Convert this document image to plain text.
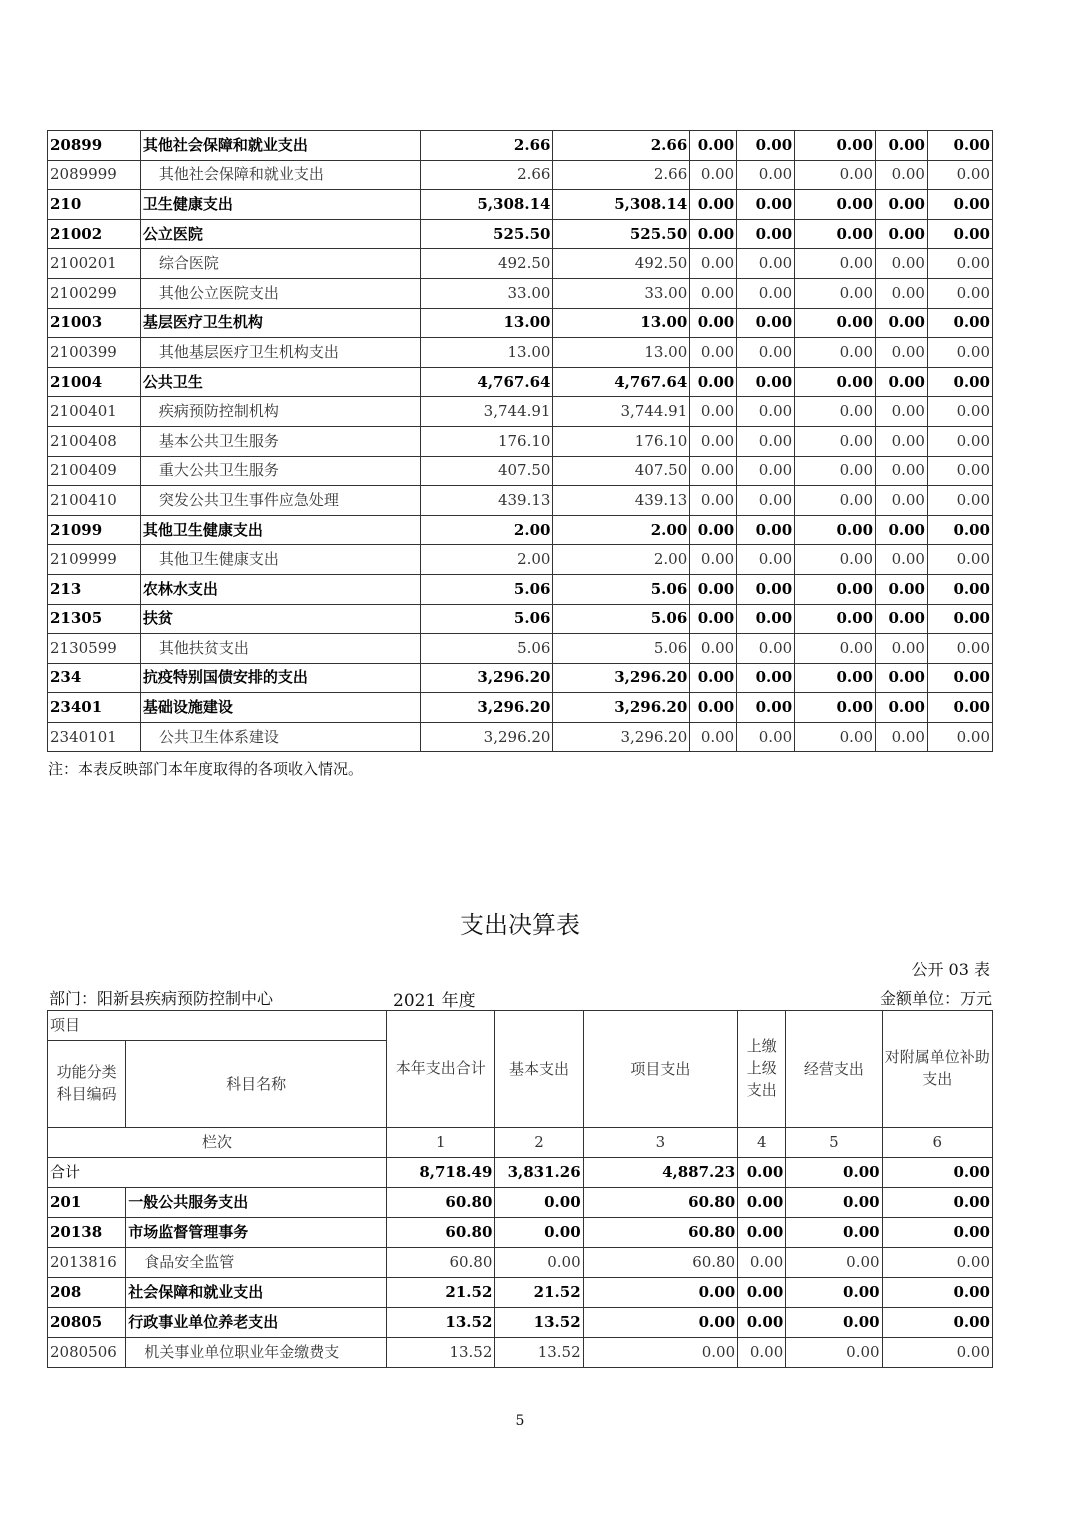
20899	其他社会保障和就业支出	2.66	2.66	0.00	0.00	0.00	0.00	0.00
2089999	其他社会保障和就业支出	2.66	2.66	0.00	0.00	0.00	0.00	0.00
210	卫生健康支出	5,308.14	5,308.14	0.00	0.00	0.00	0.00	0.00
21002	公立医院	525.50	525.50	0.00	0.00	0.00	0.00	0.00
2100201	综合医院	492.50	492.50	0.00	0.00	0.00	0.00	0.00
2100299	其他公立医院支出	33.00	33.00	0.00	0.00	0.00	0.00	0.00
21003	基层医疗卫生机构	13.00	13.00	0.00	0.00	0.00	0.00	0.00
2100399	其他基层医疗卫生机构支出	13.00	13.00	0.00	0.00	0.00	0.00	0.00
21004	公共卫生	4,767.64	4,767.64	0.00	0.00	0.00	0.00	0.00
2100401	疾病预防控制机构	3,744.91	3,744.91	0.00	0.00	0.00	0.00	0.00
2100408	基本公共卫生服务	176.10	176.10	0.00	0.00	0.00	0.00	0.00
2100409	重大公共卫生服务	407.50	407.50	0.00	0.00	0.00	0.00	0.00
2100410	突发公共卫生事件应急处理	439.13	439.13	0.00	0.00	0.00	0.00	0.00
21099	其他卫生健康支出	2.00	2.00	0.00	0.00	0.00	0.00	0.00
2109999	其他卫生健康支出	2.00	2.00	0.00	0.00	0.00	0.00	0.00
213	农林水支出	5.06	5.06	0.00	0.00	0.00	0.00	0.00
21305	扶贫	5.06	5.06	0.00	0.00	0.00	0.00	0.00
2130599	其他扶贫支出	5.06	5.06	0.00	0.00	0.00	0.00	0.00
234	抗疫特别国债安排的支出	3,296.20	3,296.20	0.00	0.00	0.00	0.00	0.00
23401	基础设施建设	3,296.20	3,296.20	0.00	0.00	0.00	0.00	0.00
2340101	公共卫生体系建设	3,296.20	3,296.20	0.00	0.00	0.00	0.00	0.00
注：本表反映部门本年度取得的各项收入情况。
支出决算表
公开 03 表
部门：阳新县疾病预防控制中心	2021 年度	金额单位：万元
项目		本年支出合计	基本支出	项目支出	上缴上级支出	经营支出	对附属单位补助支出
功能分类科目编码	科目名称						
栏次		1	2	3	4	5	6
合计		8,718.49	3,831.26	4,887.23	0.00	0.00	0.00
201	一般公共服务支出	60.80	0.00	60.80	0.00	0.00	0.00
20138	市场监督管理事务	60.80	0.00	60.80	0.00	0.00	0.00
2013816	食品安全监管	60.80	0.00	60.80	0.00	0.00	0.00
208	社会保障和就业支出	21.52	21.52	0.00	0.00	0.00	0.00
20805	行政事业单位养老支出	13.52	13.52	0.00	0.00	0.00	0.00
2080506	机关事业单位职业年金缴费支	13.52	13.52	0.00	0.00	0.00	0.00
5
